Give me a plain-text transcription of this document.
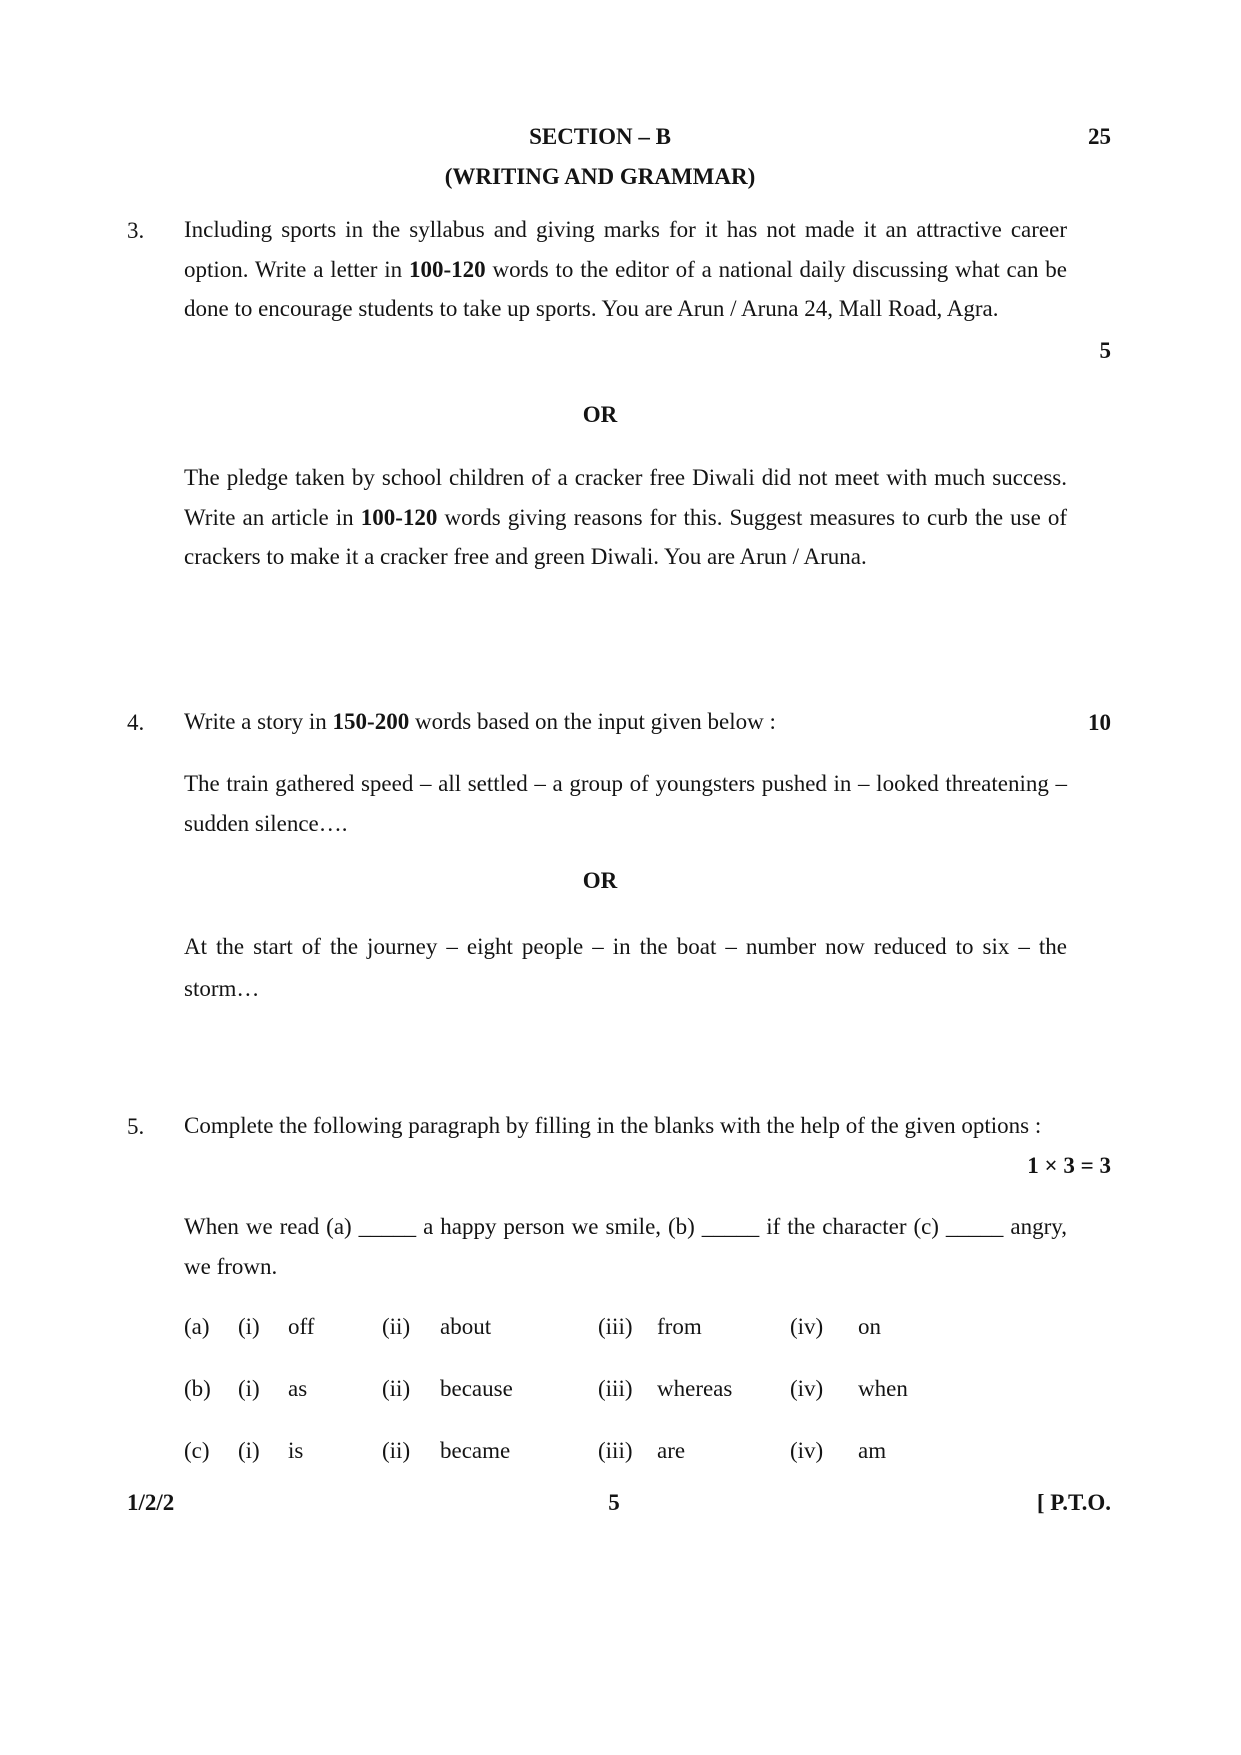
SECTION – B	25
(WRITING AND GRAMMAR)
3. Including sports in the syllabus and giving marks for it has not made it an attractive career option. Write a letter in 100-120 words to the editor of a national daily discussing what can be done to encourage students to take up sports. You are Arun / Aruna 24, Mall Road, Agra.
5
OR
The pledge taken by school children of a cracker free Diwali did not meet with much success. Write an article in 100-120 words giving reasons for this. Suggest measures to curb the use of crackers to make it a cracker free and green Diwali. You are Arun / Aruna.
4. Write a story in 150-200 words based on the input given below :	10
The train gathered speed – all settled – a group of youngsters pushed in – looked threatening – sudden silence….
OR
At the start of the journey – eight people – in the boat – number now reduced to six – the storm…
5. Complete the following paragraph by filling in the blanks with the help of the given options :
1 × 3 = 3
When we read (a) _____ a happy person we smile, (b) _____ if the character (c) _____ angry, we frown.
(a) (i) off	(ii) about	(iii) from	(iv) on
(b) (i) as	(ii) because	(iii) whereas	(iv) when
(c) (i) is	(ii) became	(iii) are	(iv) am
1/2/2	5	[ P.T.O.
